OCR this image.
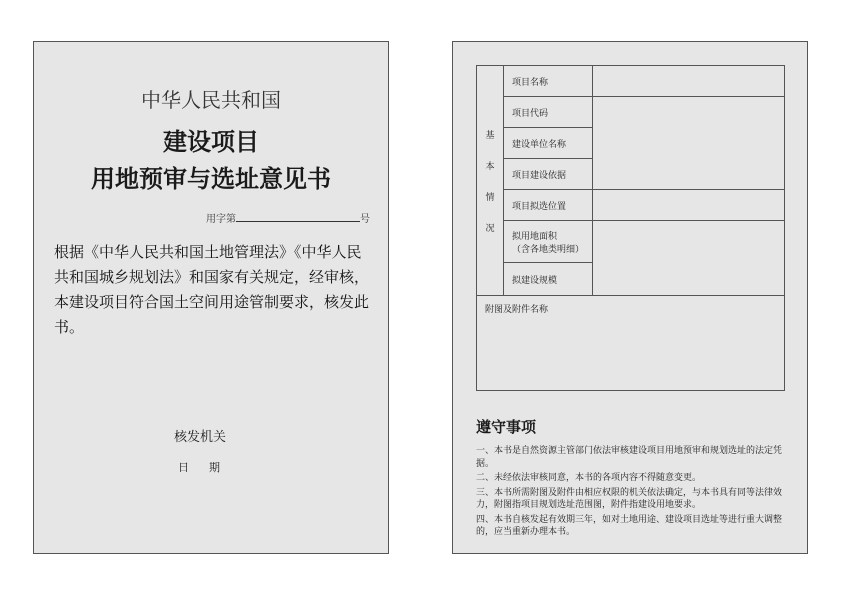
中华人民共和国
建设项目
用地预审与选址意见书
用字第	号
根据《中华人民共和国土地管理法》《中华人民共和国城乡规划法》和国家有关规定，经审核，本建设项目符合国土空间用途管制要求，核发此书。
核发机关
日 期
基
本
情
况	项目名称	
	项目代码	
	建设单位名称	
	项目建设依据	
	项目拟选位置	

	拟用地面积
（含各地类明细）	

	拟建设规模	
附图及附件名称		
遵守事项
一、本书是自然资源主管部门依法审核建设项目用地预审和规划选址的法定凭据。
二、未经依法审核同意，本书的各项内容不得随意变更。
三、本书所需附图及附件由相应权限的机关依法确定，与本书具有同等法律效力，附图指项目规划选址范围图，附件指建设用地要求。
四、本书自核发起有效期三年，如对土地用途、建设项目选址等进行重大调整的，应当重新办理本书。
